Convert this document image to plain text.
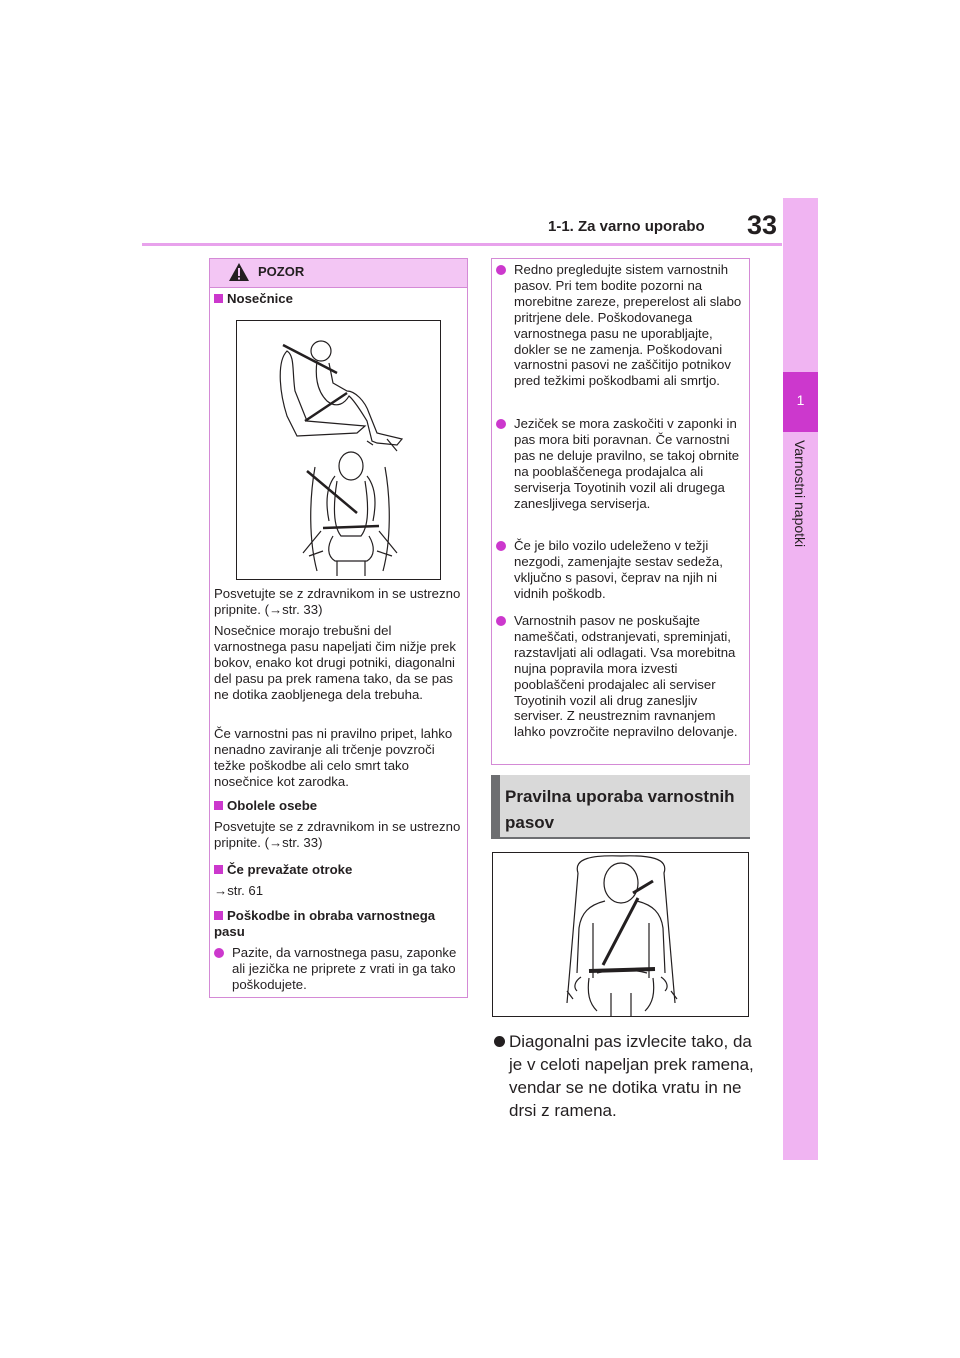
1-1. Za varno uporabo 33
1
Varnostni napotki
POZOR
Nosečnice
Posvetujte se z zdravnikom in se ustrezno pripnite. (→str. 33)
Nosečnice morajo trebušni del varnostnega pasu napeljati čim nižje prek bokov, enako kot drugi potniki, diagonalni del pasu pa prek ramena tako, da se pas ne dotika zaobljenega dela trebuha.
Če varnostni pas ni pravilno pripet, lahko nenadno zaviranje ali trčenje povzroči težke poškodbe ali celo smrt tako nosečnice kot zarodka.
Obolele osebe
Posvetujte se z zdravnikom in se ustrezno pripnite. (→str. 33)
Če prevažate otroke
→str. 61
Poškodbe in obraba varnostnega pasu
Pazite, da varnostnega pasu, zaponke ali jezička ne priprete z vrati in ga tako poškodujete.
Redno pregledujte sistem varnostnih pasov. Pri tem bodite pozorni na morebitne zareze, preperelost ali slabo pritrjene dele. Poškodovanega varnostnega pasu ne uporabljajte, dokler se ne zamenja. Poškodovani varnostni pasovi ne zaščitijo potnikov pred težkimi poškodbami ali smrtjo.
Jeziček se mora zaskočiti v zaponki in pas mora biti poravnan. Če varnostni pas ne deluje pravilno, se takoj obrnite na pooblaščenega prodajalca ali serviserja Toyotinih vozil ali drugega zanesljivega serviserja.
Če je bilo vozilo udeleženo v težji nezgodi, zamenjajte sestav sedeža, vključno s pasovi, čeprav na njih ni vidnih poškodb.
Varnostnih pasov ne poskušajte nameščati, odstranjevati, spreminjati, razstavljati ali odlagati. Vsa morebitna nujna popravila mora izvesti pooblaščeni prodajalec ali serviser Toyotinih vozil ali drug zanesljiv serviser. Z neustreznim ravnanjem lahko povzročite nepravilno delovanje.
Pravilna uporaba varnostnih pasov
Diagonalni pas izvlecite tako, da je v celoti napeljan prek ramena, vendar se ne dotika vratu in ne drsi z ramena.
